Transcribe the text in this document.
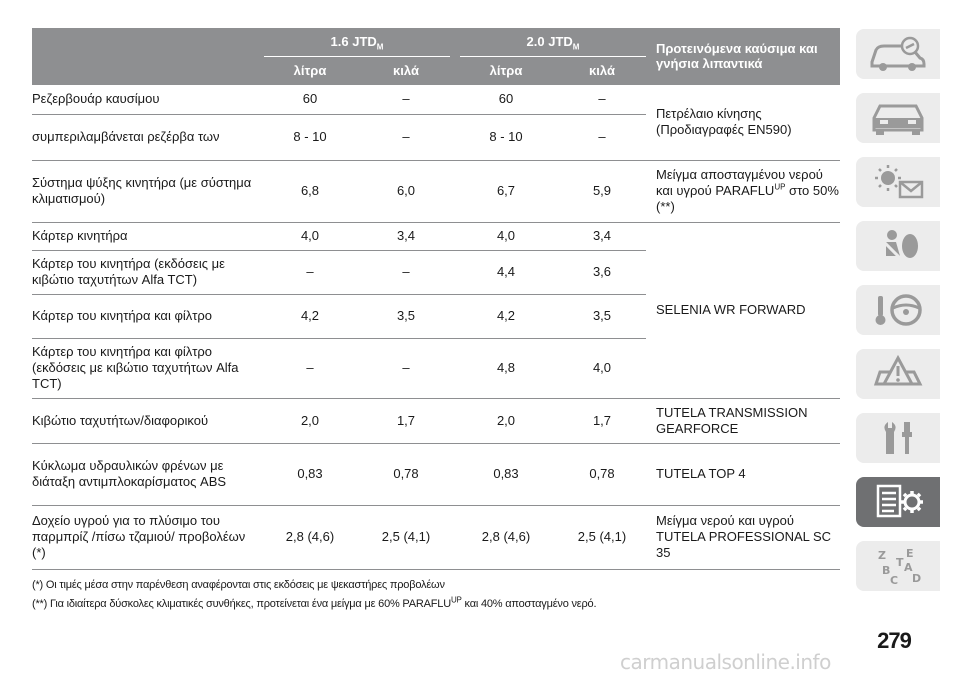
	1.6 $JTD_M$				2.0 $JTD_M$			Προτεινόμενα καύσιμα και γνήσια λιπαντικά
	λίτρα		κιλά		λίτρα		κιλά	
Ρεζερβουάρ καυσίμου	60		–		60		–	Πετρέλαιο κίνησης (Προδιαγραφές EN590)
συμπεριλαμβάνεται ρεζέρβα των	8 - 10		–		8 - 10		–	
Σύστημα ψύξης κινητήρα (με σύστημα κλιματισμού)	6,8		6,0		6,7		5,9	Μείγμα αποσταγμένου νερού και υγρού $PARAFLU^{UP}$ στο 50% (**)
Κάρτερ κινητήρα	4,0		3,4		4,0		3,4	SELENIA WR FORWARD
Κάρτερ του κινητήρα (εκδόσεις με κιβώτιο ταχυτήτων Alfa TCT)	–		–		4,4		3,6	
Κάρτερ του κινητήρα και φίλτρο	4,2		3,5		4,2		3,5	
Κάρτερ του κινητήρα και φίλτρο (εκδόσεις με κιβώτιο ταχυτήτων Alfa TCT)	–		–		4,8		4,0	
Κιβώτιο ταχυτήτων/διαφορικού	2,0		1,7		2,0		1,7	TUTELA TRANSMISSION GEARFORCE
Κύκλωμα υδραυλικών φρένων με διάταξη αντιμπλοκαρίσματος ABS	0,83		0,78		0,83		0,78	TUTELA TOP 4
Δοχείο υγρού για το πλύσιμο του παρμπρίζ /πίσω τζαμιού/ προβολέων (*)	2,8 (4,6)		2,5 (4,1)		2,8 (4,6)		2,5 (4,1)	Μείγμα νερού και υγρού TUTELA PROFESSIONAL SC 35
(*) Οι τιμές μέσα στην παρένθεση αναφέρονται στις εκδόσεις με ψεκαστήρες προβολέων
(**) Για ιδιαίτερα δύσκολες κλιματικές συνθήκες, προτείνεται ένα μείγμα με 60% $PARAFLU^{UP}$ και 40% αποσταγμένο νερό.
Z E
B A
C D
T
279
carmanualsonline.info
